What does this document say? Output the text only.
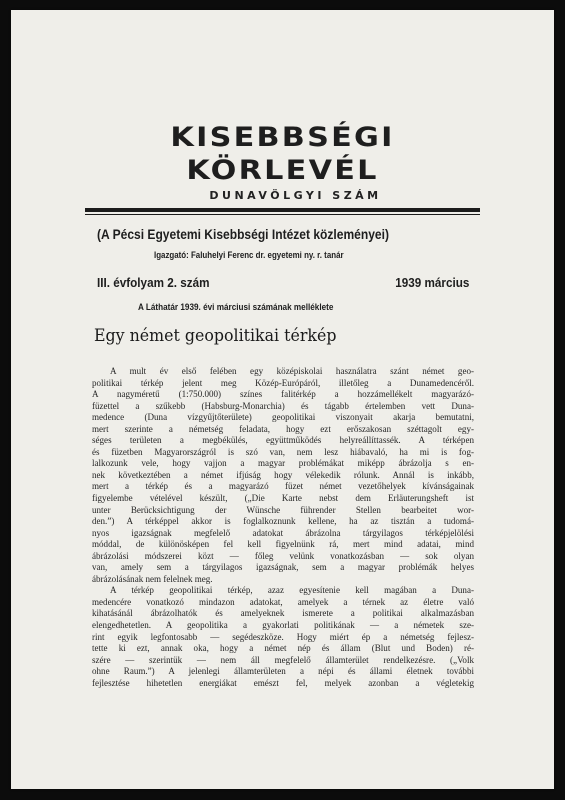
KISEBBSÉGI
KÖRLEVÉL
DUNAVÖLGYI SZÁM
(A Pécsi Egyetemi Kisebbségi Intézet közleményei)
Igazgató: Faluhelyi Ferenc dr. egyetemi ny. r. tanár
III. évfolyam 2. szám	1939 március
A Láthatár 1939. évi márciusi számának melléklete
Egy német geopolitikai térkép
A mult év első felében egy középiskolai használatra szánt német geo-
politikai térkép jelent meg Közép-Európáról, illetőleg a Dunamedencéről.
A nagyméretű (1:750.000) színes falitérkép a hozzámellékelt magyarázó-
füzettel a szűkebb (Habsburg-Monarchia) és tágabb értelemben vett Duna-
medence (Duna vízgyűjtőterülete) geopolitikai viszonyait akarja bemutatni,
mert szerinte a németség feladata, hogy ezt erőszakosan széttagolt egy-
séges területen a megbékülés, együttműködés helyreállíttassék. A térképen
és füzetben Magyarországról is szó van, nem lesz hiábavaló, ha mi is fog-
lalkozunk vele, hogy vajjon a magyar problémákat miképp ábrázolja s en-
nek következtében a német ifjúság hogy vélekedik rólunk. Annál is inkább,
mert a térkép és a magyarázó füzet német vezetőhelyek kívánságainak
figyelembe vételével készült, („Die Karte nebst dem Erläuterungsheft ist
unter Berücksichtigung der Wünsche führender Stellen bearbeitet wor-
den.”) A térképpel akkor is foglalkoznunk kellene, ha az tisztán a tudomá-
nyos igazságnak megfelelő adatokat ábrázolna tárgyilagos térképjelölési
móddal, de különösképen fel kell figyelnünk rá, mert mind adatai, mind
ábrázolási módszerei közt — főleg velünk vonatkozásban — sok olyan
van, amely sem a tárgyilagos igazságnak, sem a magyar problémák helyes
ábrázolásának nem felelnek meg.
A térkép geopolitikai térkép, azaz egyesítenie kell magában a Duna-
medencére vonatkozó mindazon adatokat, amelyek a térnek az életre való
kihatásánál ábrázolhatók és amelyeknek ismerete a politikai alkalmazásban
elengedhetetlen. A geopolitika a gyakorlati politikának — a németek sze-
rint egyik legfontosabb — segédeszköze. Hogy miért ép a németség fejlesz-
tette ki ezt, annak oka, hogy a német nép és állam (Blut und Boden) ré-
szére — szerintük — nem áll megfelelő államterület rendelkezésre. („Volk
ohne Raum.”) A jelenlegi államterületen a népi és állami életnek további
fejlesztése hihetetlen energiákat emészt fel, melyek azonban a végletekig
